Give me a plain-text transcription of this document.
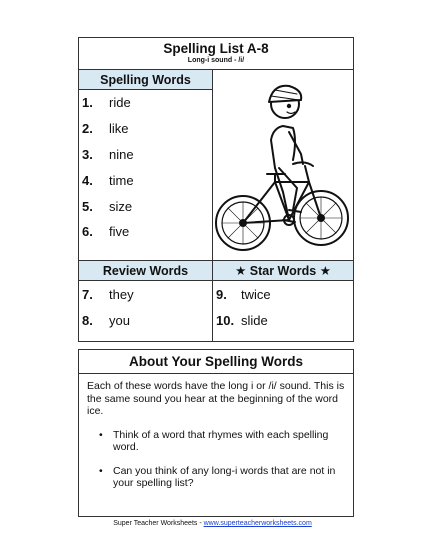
Spelling List A-8
Long-i sound - /i/
Spelling Words
1.	ride
2.	like
3.	nine
4.	time
5.	size
6.	five
Review Words	★ Star Words ★
7.	they
8.	you
9.	twice
10. slide
About Your Spelling Words

Each of these words have the long i or /i/ sound. This is the same sound you hear at the beginning of the word ice.

• Think of a word that rhymes with each spelling word.
• Can you think of any long-i words that are not in your spelling list?
Super Teacher Worksheets - www.superteacherworksheets.com
